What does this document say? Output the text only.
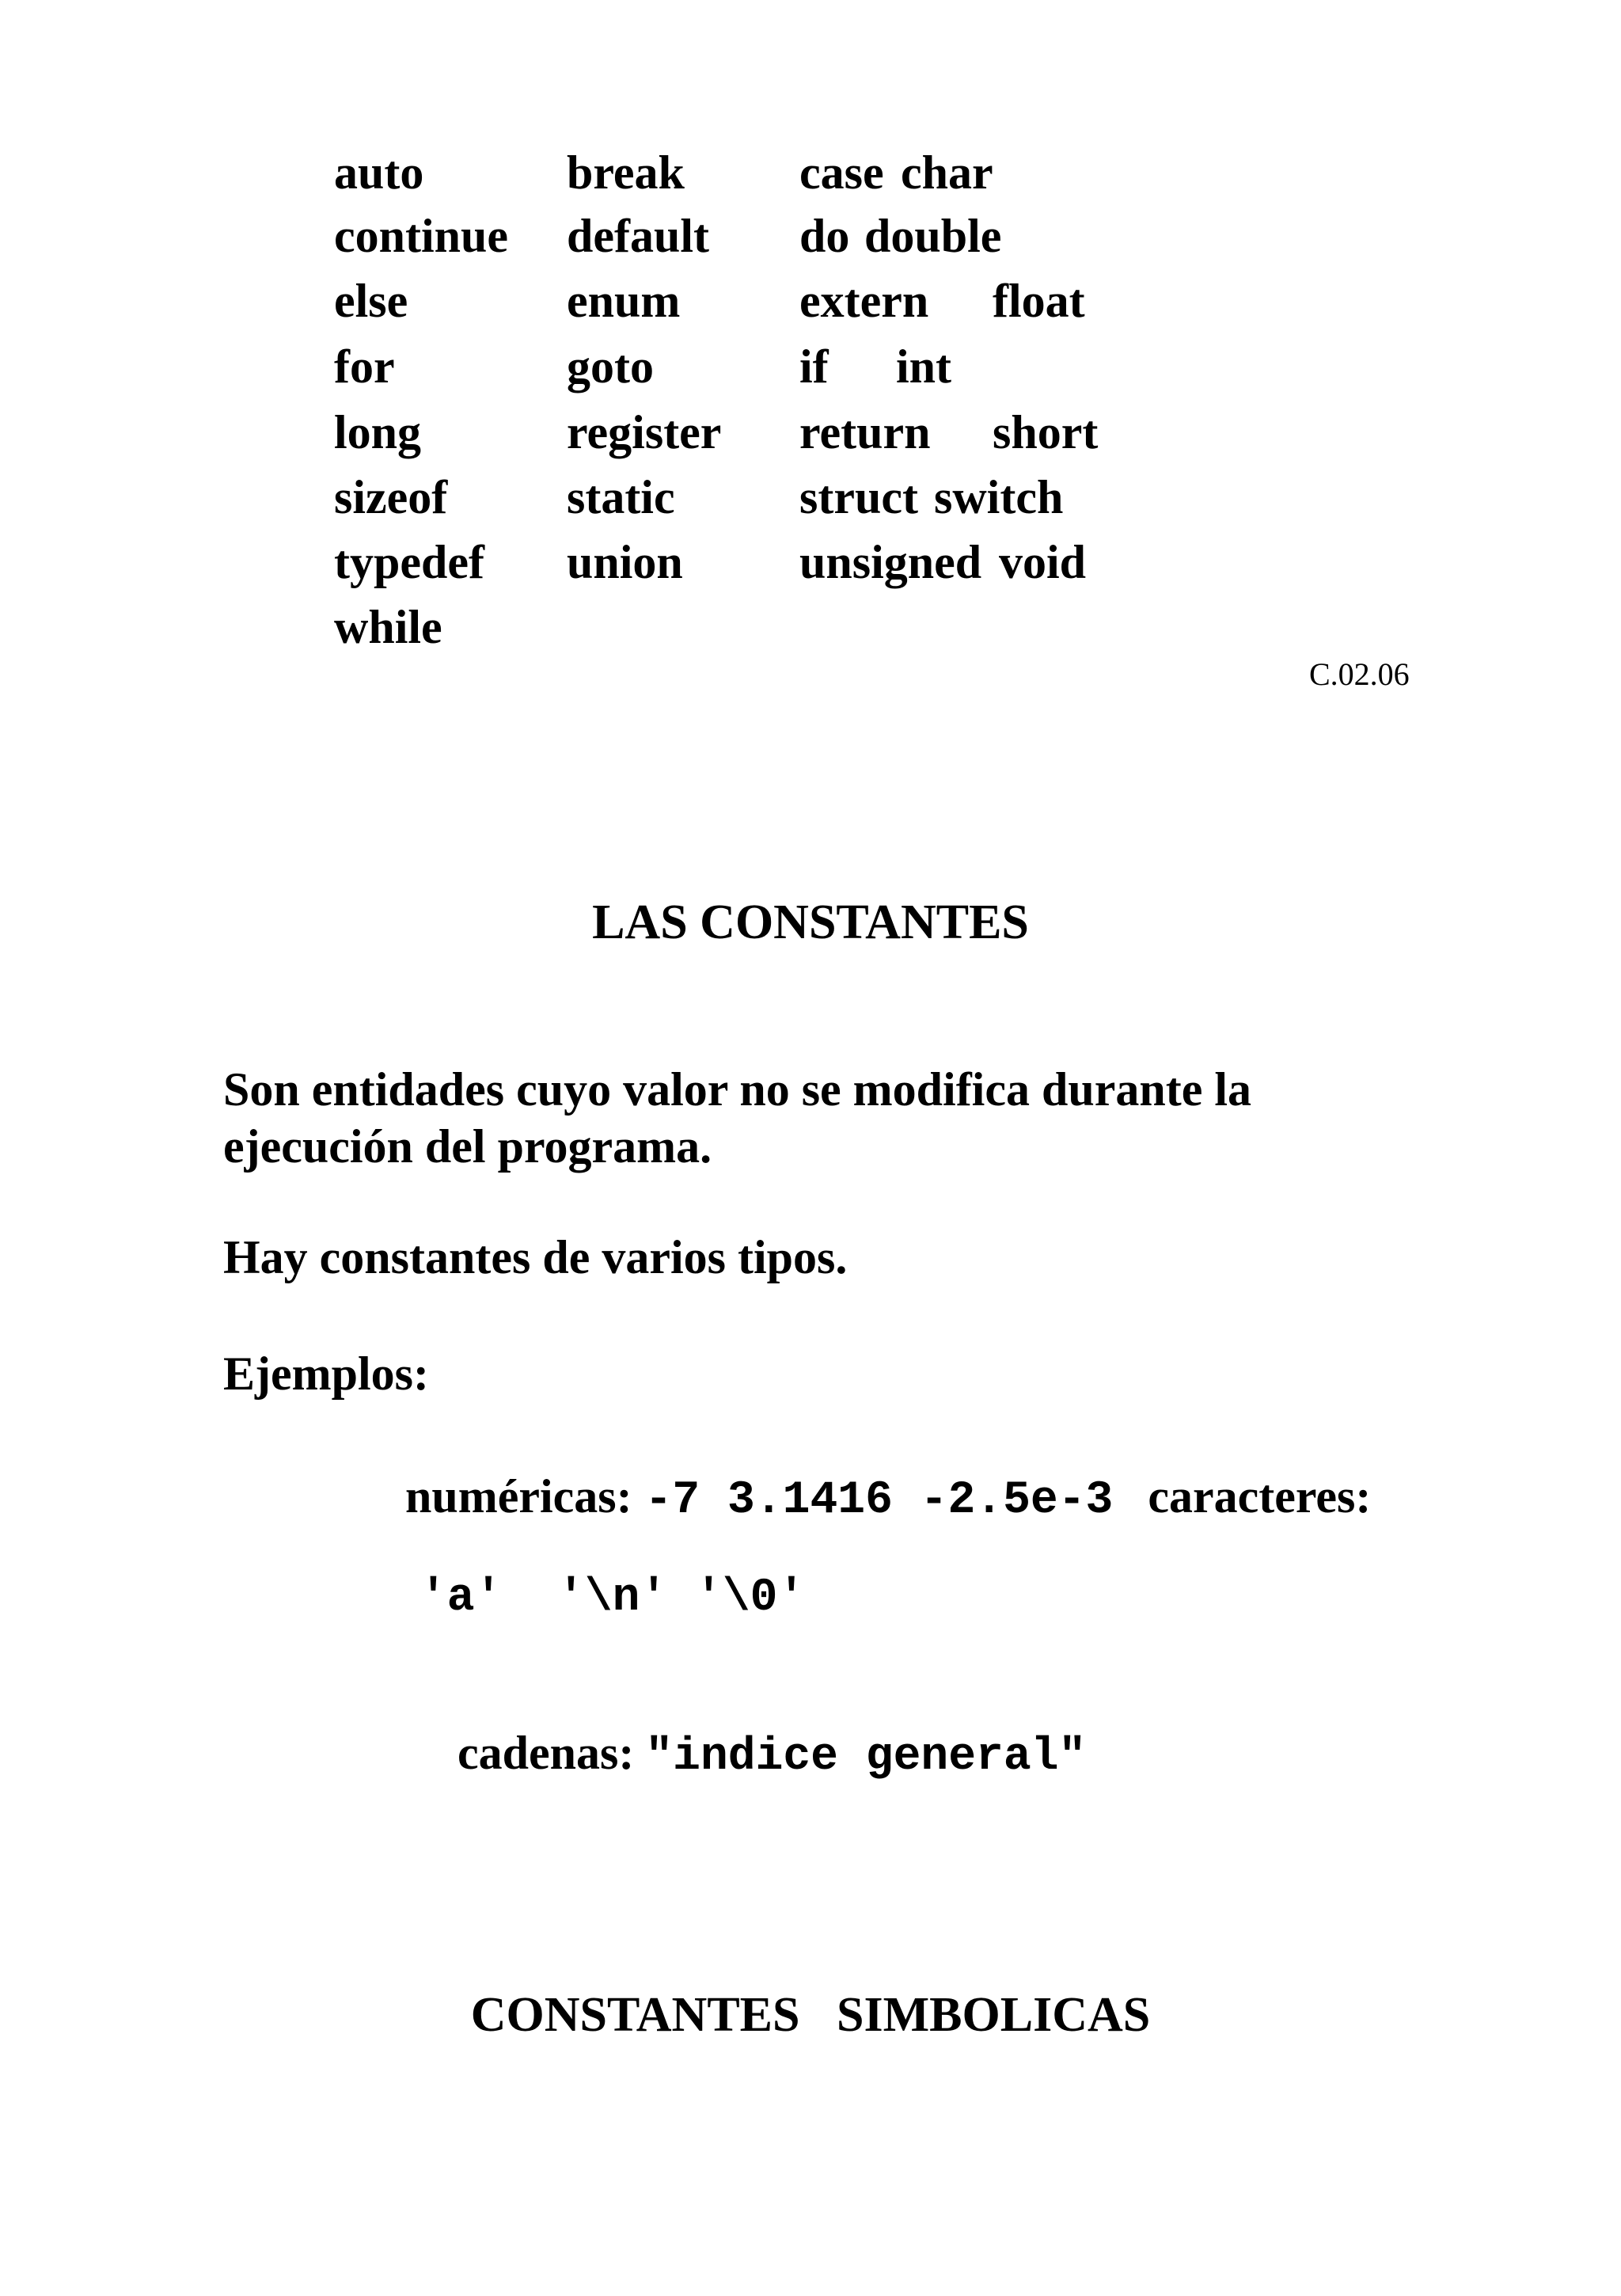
auto
continue
else
for
long
sizeof
typedef
while
break
default
enum
goto
register
static
union
case
do
extern
if
return
struct
unsigned
char
double
float
int
short
switch
void
C.02.06
LAS CONSTANTES
Son entidades cuyo valor no se modifica durante la
ejecución del programa.
Hay constantes de varios tipos.
Ejemplos:
numéricas: -7 3.1416 -2.5e-3 caracteres:
'a'  '\n' '\0'
cadenas: "indice general"
CONSTANTES   SIMBOLICAS
